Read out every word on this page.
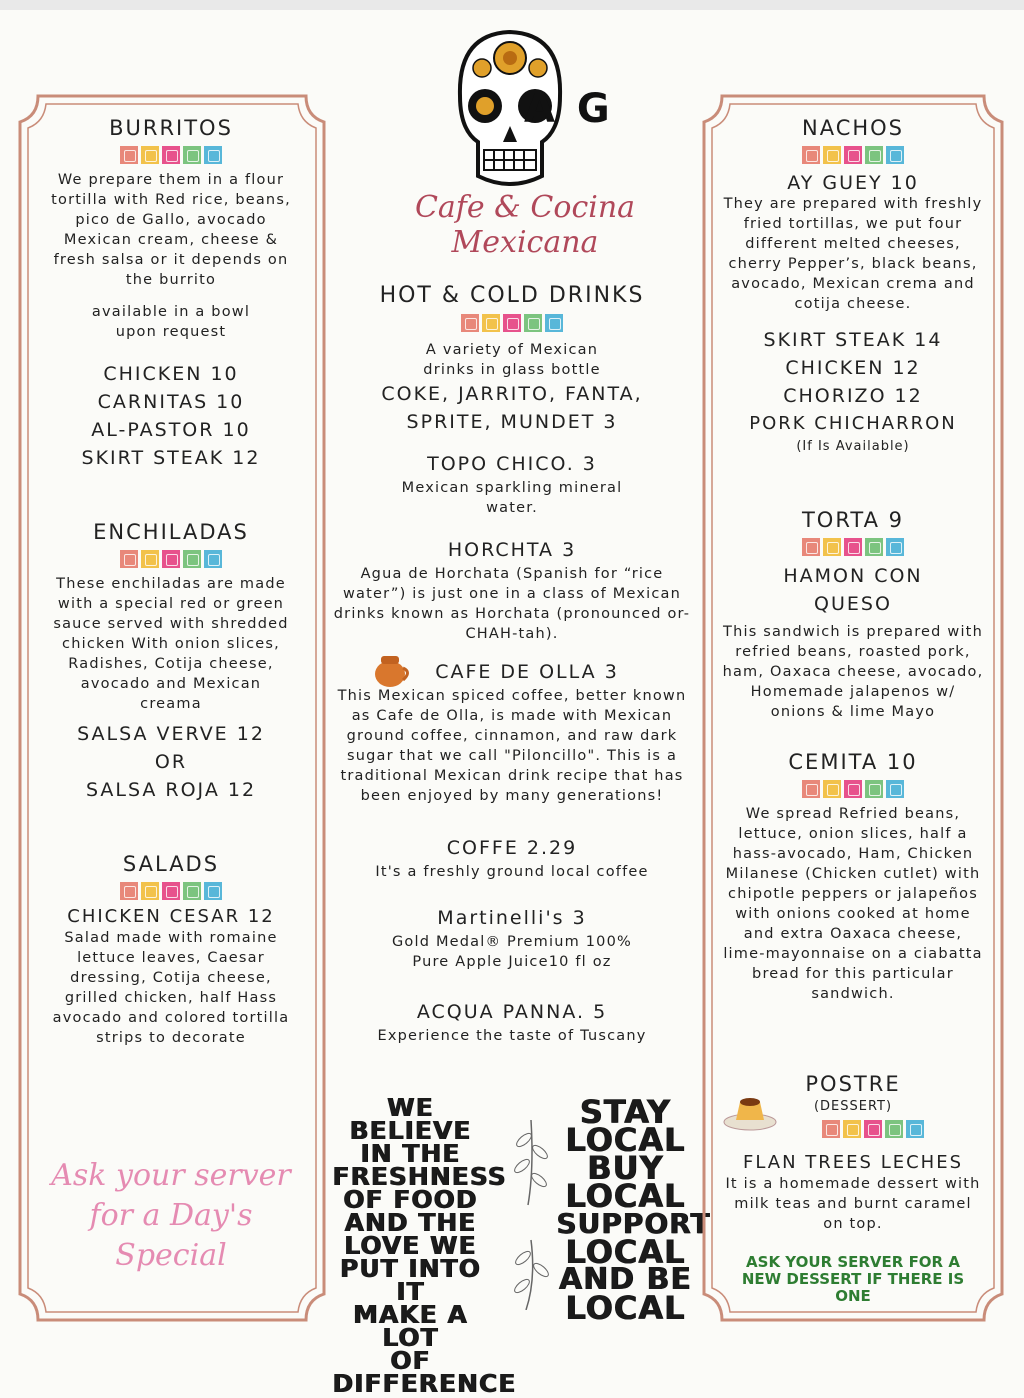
BURRITOS

We prepare them in a flour tortilla with Red rice, beans, pico de Gallo, avocado Mexican cream, cheese & fresh salsa or it depends on the burrito

available in a bowl upon request

CHICKEN 10

CARNITAS 10

AL-PASTOR 10

SKIRT STEAK 12

ENCHILADAS

These enchiladas are made with a special red or green sauce served with shredded chicken With onion slices, Radishes, Cotija cheese, avocado and Mexican creama

SALSA VERVE 12

OR

SALSA ROJA 12

SALADS

CHICKEN CESAR 12

Salad made with romaine lettuce leaves, Caesar dressing, Cotija cheese, grilled chicken, half Hass avocado and colored tortilla strips to decorate

Ask your server
for a Day's
Special
A G
Cafe & Cocina Mexicana

HOT & COLD DRINKS

A variety of Mexican drinks in glass bottle

COKE, JARRITO, FANTA,

SPRITE, MUNDET 3

TOPO CHICO. 3

Mexican sparkling mineral water.

HORCHTA 3

Agua de Horchata (Spanish for “rice water”) is just one in a class of Mexican drinks known as Horchata (pronounced or-CHAH-tah).

CAFE DE OLLA 3

This Mexican spiced coffee, better known as Cafe de Olla, is made with Mexican ground coffee, cinnamon, and raw dark sugar that we call "Piloncillo". This is a traditional Mexican drink recipe that has been enjoyed by many generations!

COFFE 2.29

It's a freshly ground local coffee

Martinelli's 3

Gold Medal® Premium 100%

Pure Apple Juice10 fl oz

ACQUA PANNA. 5

Experience the taste of Tuscany

WE BELIEVE
IN THE
FRESHNESS
OF FOOD
AND THE
LOVE WE
PUT INTO IT
MAKE A LOT
OF
DIFFERENCE
STAY
LOCAL
BUY
LOCAL
SUPPORT
LOCAL
AND BE
LOCAL

NACHOS

AY GUEY 10

They are prepared with freshly fried tortillas, we put four different melted cheeses, cherry Pepper’s, black beans, avocado, Mexican crema and cotija cheese.

SKIRT STEAK 14

CHICKEN 12

CHORIZO 12

PORK CHICHARRON

(If Is Available)

TORTA 9

HAMON CON QUESO

This sandwich is prepared with refried beans, roasted pork, ham, Oaxaca cheese, avocado, Homemade jalapenos w/ onions & lime Mayo

CEMITA 10

We spread Refried beans, lettuce, onion slices, half a hass-avocado, Ham, Chicken Milanese (Chicken cutlet) with chipotle peppers or jalapeños with onions cooked at home and extra Oaxaca cheese, lime-mayonnaise on a ciabatta bread for this particular sandwich.

POSTRE

(DESSERT)

FLAN TREES LECHES

It is a homemade dessert with milk teas and burnt caramel on top.

ASK YOUR SERVER FOR A NEW DESSERT IF THERE IS ONE
